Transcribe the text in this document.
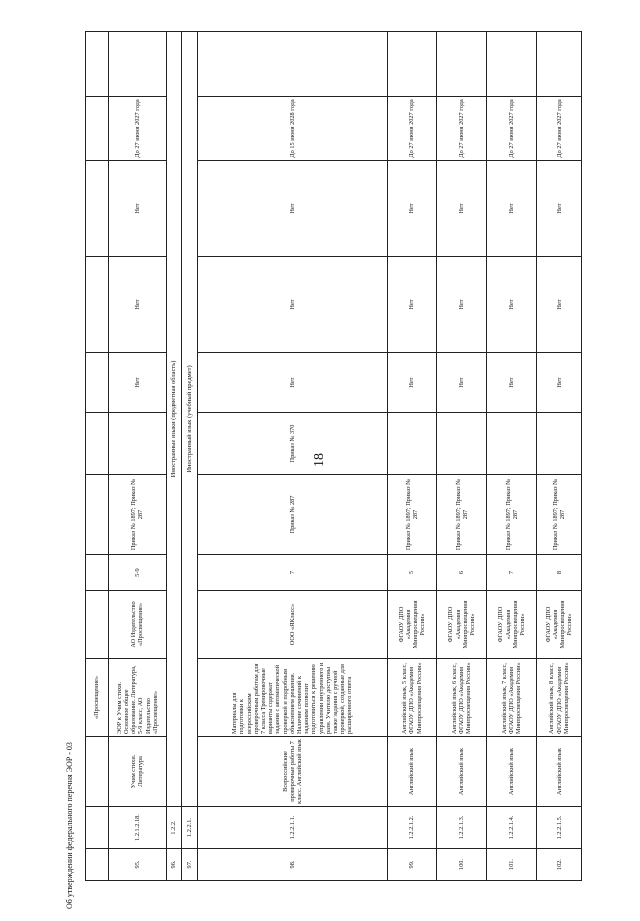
18
			«Просвещение»									
95.	1.2.1.2.18.	Учим стихи. Литература	ЭОР к Учим стихи. Основное общее образование. Литература, 5-9 класс, АО Издательство «Просвещение»	АО Издательство «Просвещение»	5-9	Приказ № 1897; Приказ № 287		Нет	Нет	Нет	До 27 июня 2027 года	
96.	1.2.2.	Иностранные языки (предметная область)										
97.	1.2.2.1.	Иностранный язык (учебный предмет)										
98.	1.2.2.1.1.	Всероссийские проверочные работы 7 класс. Английский язык	Материалы для подготовки к всероссийским проверочным работам для 7 класса Тренировочные варианты содержат задания с автоматической проверкой и подробным объяснением решения. Наличие сочинений к заданиям позволит подготовиться к решению управлении внутреннего и разн. Учителю доступны также задания с ручной проверкой, созданные для расширенного ответа	ООО «ЯКласс»	7	Приказ № 287	Приказ № 370	Нет	Нет	Нет	До 15 июня 2028 года	
99.	1.2.2.1.2.	Английский язык	Английский язык, 5 класс, ФГАОУ ДПО «Академия Минпросвещения России»	ФГАОУ ДПО «Академия Минпросвещения России»	5	Приказ № 1897; Приказ № 287		Нет	Нет	Нет	До 27 июня 2027 года	
100.	1.2.2.1.3.	Английский язык	Английский язык, 6 класс, ФГАОУ ДПО «Академия Минпросвещения России»	ФГАОУ ДПО «Академия Минпросвещения России»	6	Приказ № 1897; Приказ № 287		Нет	Нет	Нет	До 27 июня 2027 года	
101.	1.2.2.1.4.	Английский язык	Английский язык, 7 класс, ФГАОУ ДПО «Академия Минпросвещения России»	ФГАОУ ДПО «Академия Минпросвещения России»	7	Приказ № 1897; Приказ № 287		Нет	Нет	Нет	До 27 июня 2027 года	
102.	1.2.2.1.5.	Английский язык	Английский язык, 8 класс, ФГАОУ ДПО «Академия Минпросвещения России»	ФГАОУ ДПО «Академия Минпросвещения России»	8	Приказ № 1897; Приказ № 287		Нет	Нет	Нет	До 27 июня 2027 года	
Об утверждении федерального перечня ЭОР - 03
